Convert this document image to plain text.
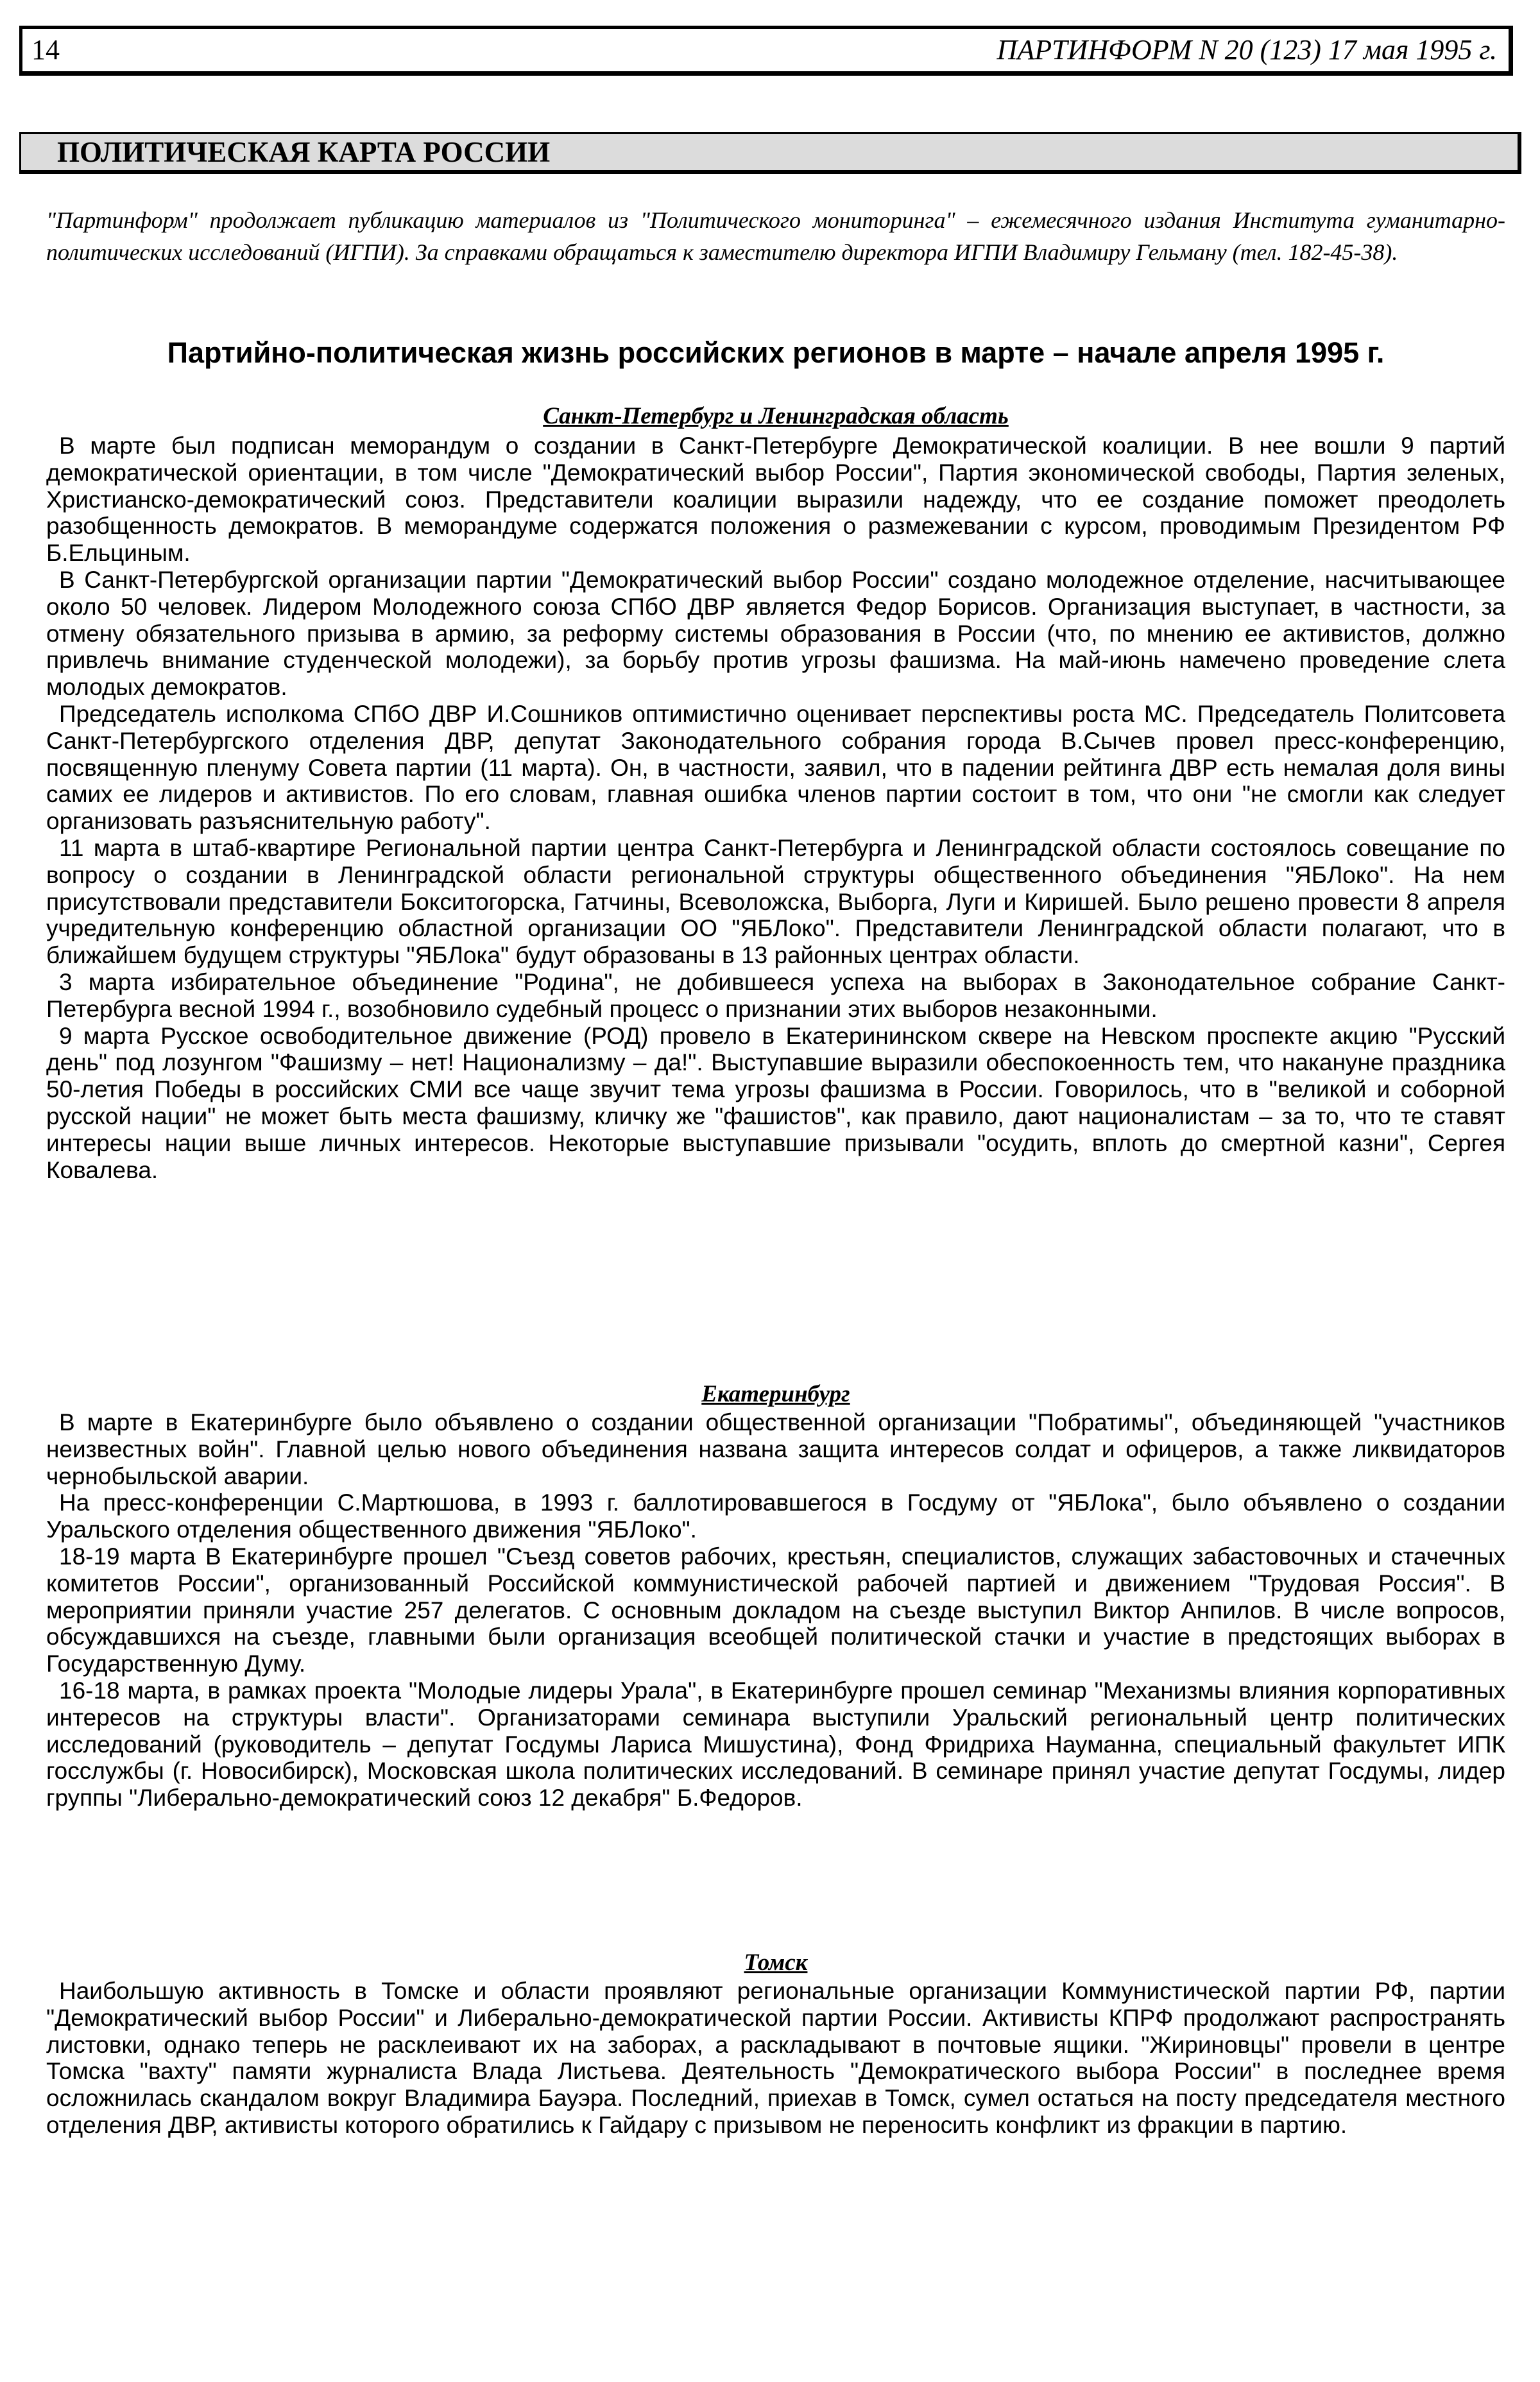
14	ПАРТИНФОРМ N 20 (123) 17 мая 1995 г.
ПОЛИТИЧЕСКАЯ КАРТА РОССИИ
"Партинформ" продолжает публикацию материалов из "Политического мониторинга" – ежемесячного издания Института гуманитарно-политических исследований (ИГПИ). За справками обращаться к заместителю директора ИГПИ Владимиру Гельману (тел. 182-45-38).
Партийно-политическая жизнь российских регионов в марте – начале апреля 1995 г.
Санкт-Петербург и Ленинградская область

В марте был подписан меморандум о создании в Санкт-Петербурге Демократической коалиции. В нее вошли 9 партий демократической ориентации, в том числе "Демократический выбор России", Партия экономической свободы, Партия зеленых, Христианско-демократический союз. Представители коалиции выразили надежду, что ее создание поможет преодолеть разобщенность демократов. В меморандуме содержатся положения о размежевании с курсом, проводимым Президентом РФ Б.Ельциным.

В Санкт-Петербургской организации партии "Демократический выбор России" создано молодежное отделение, насчитывающее около 50 человек. Лидером Молодежного союза СПбО ДВР является Федор Борисов. Организация выступает, в частности, за отмену обязательного призыва в армию, за реформу системы образования в России (что, по мнению ее активистов, должно привлечь внимание студенческой молодежи), за борьбу против угрозы фашизма. На май-июнь намечено проведение слета молодых демократов.

Председатель исполкома СПбО ДВР И.Сошников оптимистично оценивает перспективы роста МС. Председатель Политсовета Санкт-Петербургского отделения ДВР, депутат Законодательного собрания города В.Сычев провел пресс-конференцию, посвященную пленуму Совета партии (11 марта). Он, в частности, заявил, что в падении рейтинга ДВР есть немалая доля вины самих ее лидеров и активистов. По его словам, главная ошибка членов партии состоит в том, что они "не смогли как следует организовать разъяснительную работу".

11 марта в штаб-квартире Региональной партии центра Санкт-Петербурга и Ленинградской области состоялось совещание по вопросу о создании в Ленинградской области региональной структуры общественного объединения "ЯБЛоко". На нем присутствовали представители Бокситогорска, Гатчины, Всеволожска, Выборга, Луги и Киришей. Было решено провести 8 апреля учредительную конференцию областной организации ОО "ЯБЛоко". Представители Ленинградской области полагают, что в ближайшем будущем структуры "ЯБЛока" будут образованы в 13 районных центрах области.

3 марта избирательное объединение "Родина", не добившееся успеха на выборах в Законодательное собрание Санкт-Петербурга весной 1994 г., возобновило судебный процесс о признании этих выборов незаконными.

9 марта Русское освободительное движение (РОД) провело в Екатерининском сквере на Невском проспекте акцию "Русский день" под лозунгом "Фашизму – нет! Национализму – да!". Выступавшие выразили обеспокоенность тем, что накануне праздника 50-летия Победы в российских СМИ все чаще звучит тема угрозы фашизма в России. Говорилось, что в "великой и соборной русской нации" не может быть места фашизму, кличку же "фашистов", как правило, дают националистам – за то, что те ставят интересы нации выше личных интересов. Некоторые выступавшие призывали "осудить, вплоть до смертной казни", Сергея Ковалева.

Екатеринбург

В марте в Екатеринбурге было объявлено о создании общественной организации "Побратимы", объединяющей "участников неизвестных войн". Главной целью нового объединения названа защита интересов солдат и офицеров, а также ликвидаторов чернобыльской аварии.

На пресс-конференции С.Мартюшова, в 1993 г. баллотировавшегося в Госдуму от "ЯБЛока", было объявлено о создании Уральского отделения общественного движения "ЯБЛоко".

18-19 марта В Екатеринбурге прошел "Съезд советов рабочих, крестьян, специалистов, служащих забастовочных и стачечных комитетов России", организованный Российской коммунистической рабочей партией и движением "Трудовая Россия". В мероприятии приняли участие 257 делегатов. С основным докладом на съезде выступил Виктор Анпилов. В числе вопросов, обсуждавшихся на съезде, главными были организация всеобщей политической стачки и участие в предстоящих выборах в Государственную Думу.

16-18 марта, в рамках проекта "Молодые лидеры Урала", в Екатеринбурге прошел семинар "Механизмы влияния корпоративных интересов на структуры власти". Организаторами семинара выступили Уральский региональный центр политических исследований (руководитель – депутат Госдумы Лариса Мишустина), Фонд Фридриха Науманна, специальный факультет ИПК госслужбы (г. Новосибирск), Московская школа политических исследований. В семинаре принял участие депутат Госдумы, лидер группы "Либерально-демократический союз 12 декабря" Б.Федоров.

Томск

Наибольшую активность в Томске и области проявляют региональные организации Коммунистической партии РФ, партии "Демократический выбор России" и Либерально-демократической партии России. Активисты КПРФ продолжают распространять листовки, однако теперь не расклеивают их на заборах, а раскладывают в почтовые ящики. "Жириновцы" провели в центре Томска "вахту" памяти журналиста Влада Листьева. Деятельность "Демократического выбора России" в последнее время осложнилась скандалом вокруг Владимира Бауэра. Последний, приехав в Томск, сумел остаться на посту председателя местного отделения ДВР, активисты которого обратились к Гайдару с призывом не переносить конфликт из фракции в партию.
